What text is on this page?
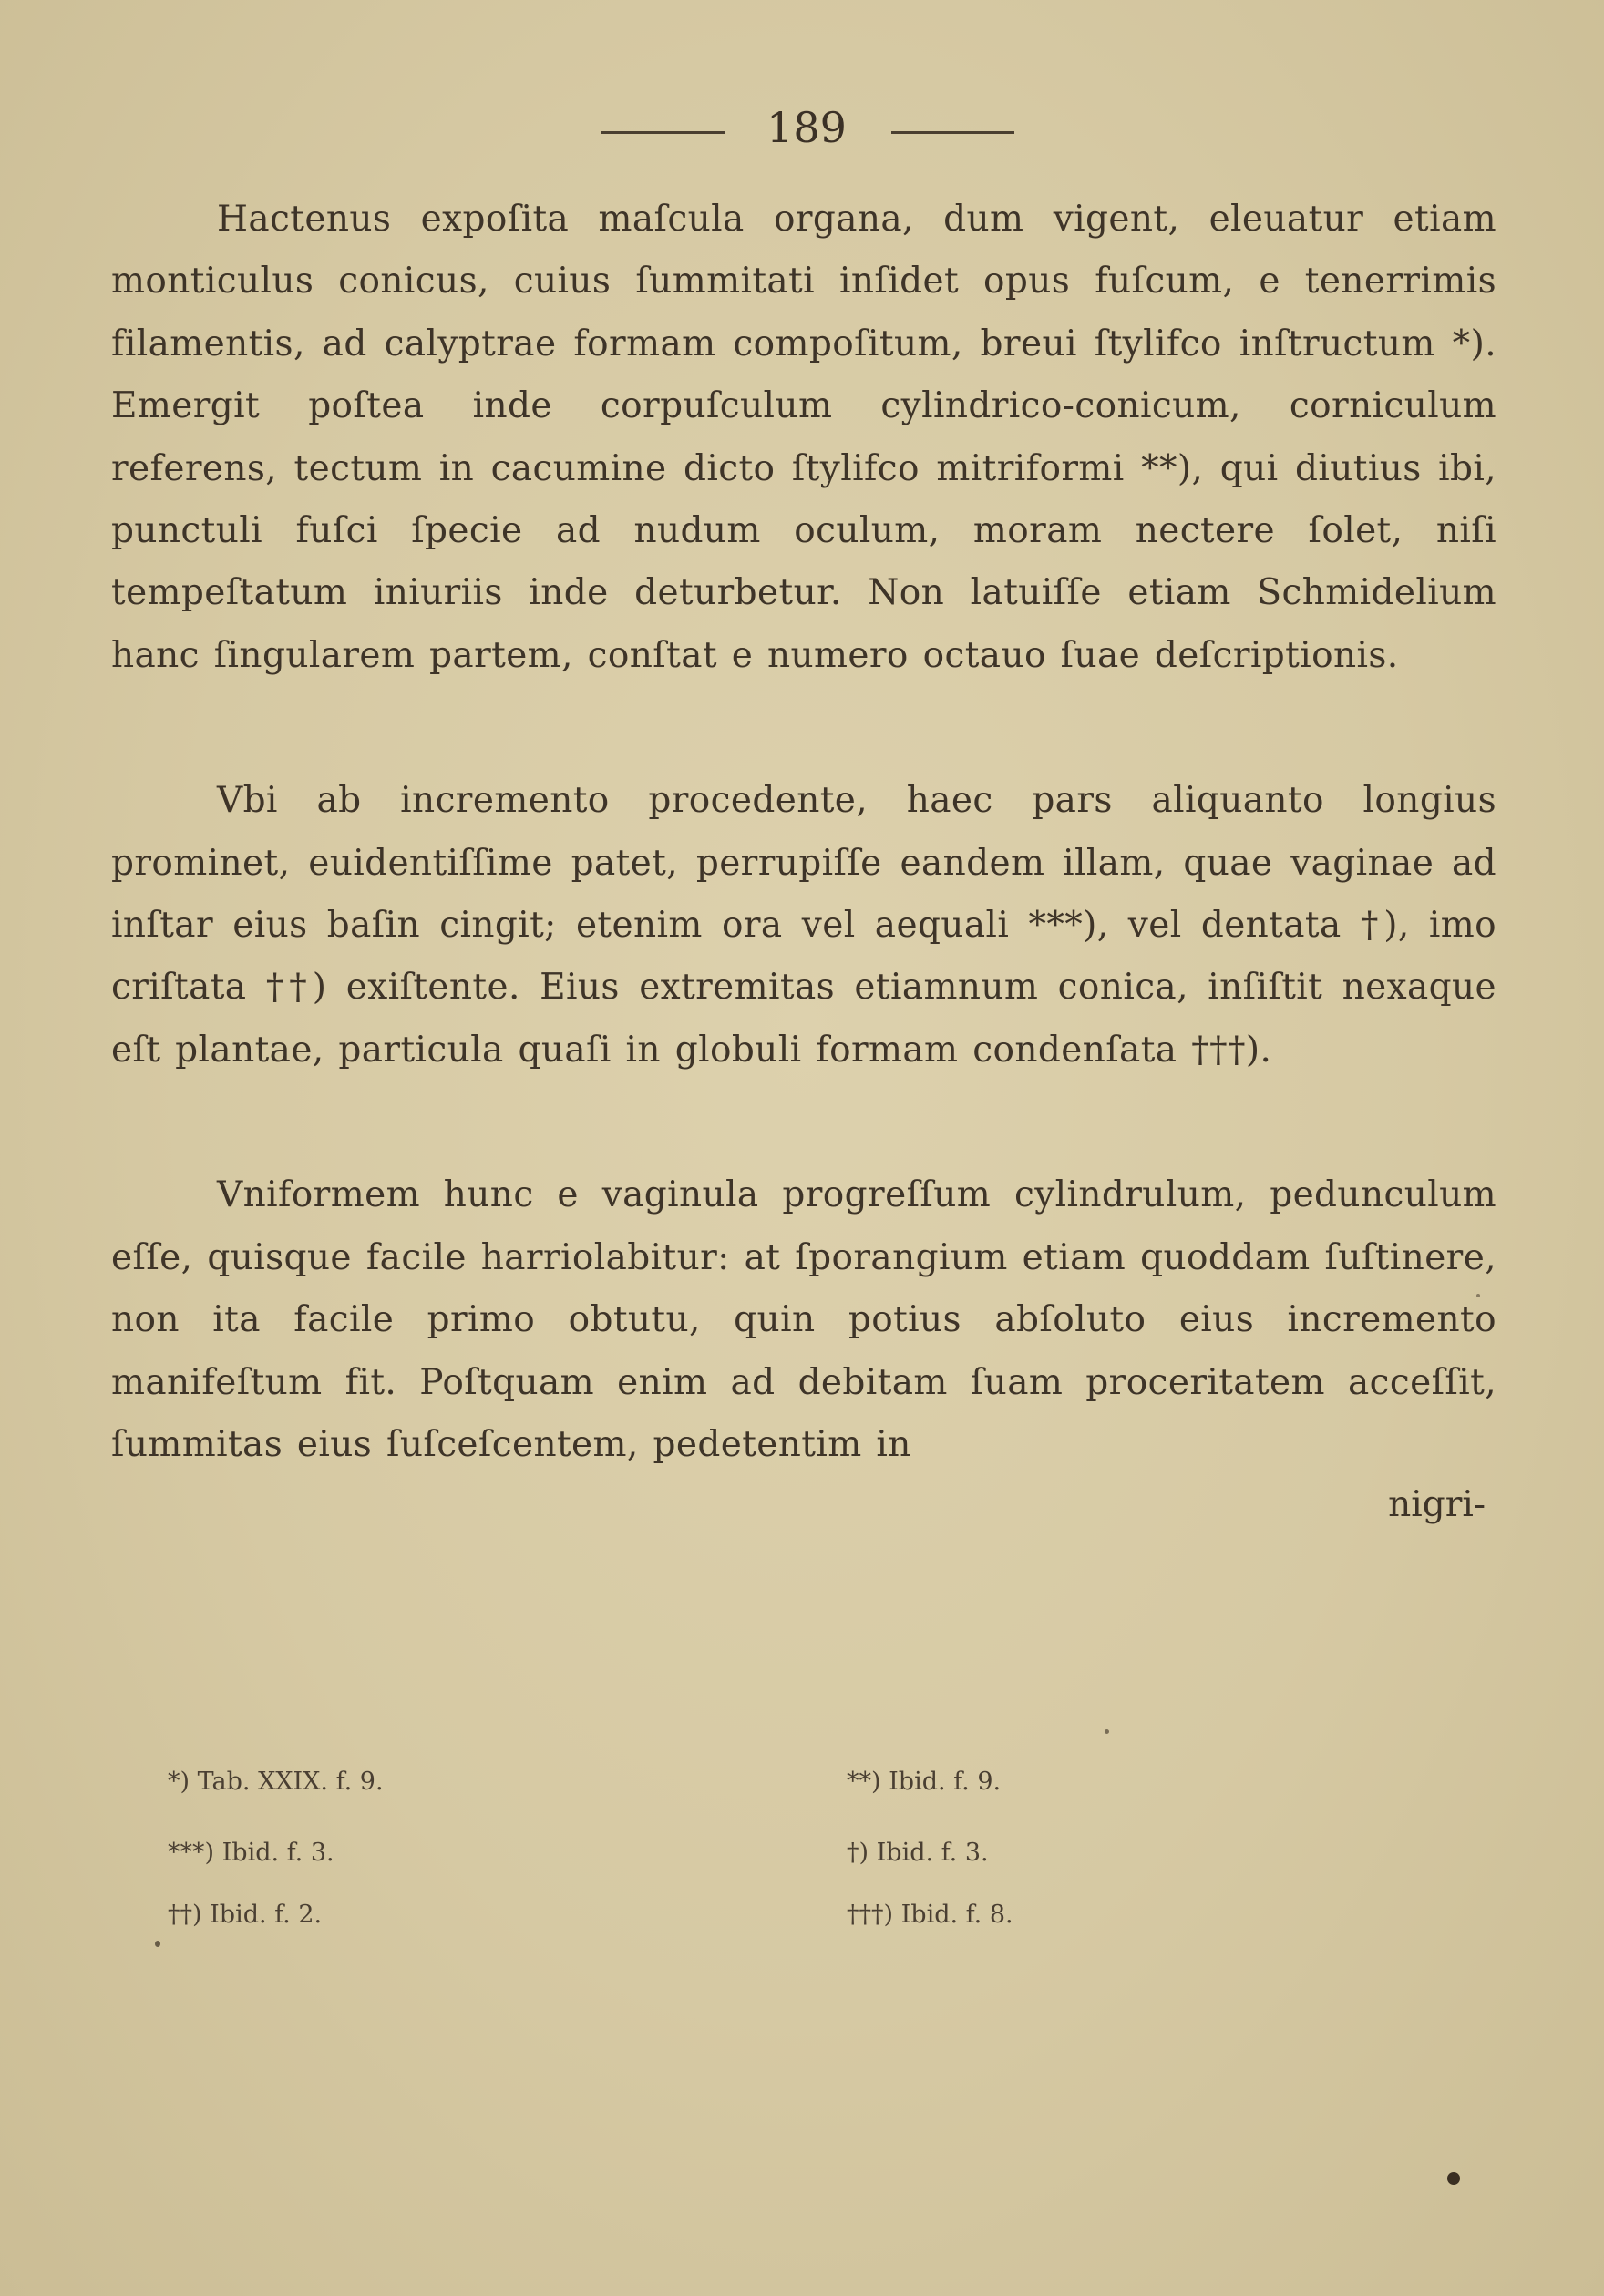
189

Hactenus expoſita maſcula organa, dum vigent, eleuatur etiam monticulus conicus, cuius ſummitati inſidet opus fuſcum, e tenerrimis filamentis, ad calyptrae formam compoſitum, breui ſtylifco inſtructum *). Emergit poſtea inde corpuſculum cylindrico-conicum, corniculum referens, tectum in cacumine dicto ſtylifco mitriformi **), qui diutius ibi, punctuli fuſci ſpecie ad nudum oculum, moram nectere ſolet, niſi tempeſtatum iniuriis inde deturbetur. Non latuiſſe etiam Schmidelium hanc ſingularem partem, conſtat e numero octauo ſuae deſcriptionis.

Vbi ab incremento procedente, haec pars aliquanto longius prominet, euidentiſſime patet, perrupiſſe eandem illam, quae vaginae ad inſtar eius baſin cingit; etenim ora vel aequali ***), vel dentata †), imo criſtata ††) exiſtente. Eius extremitas etiamnum conica, inſiſtit nexaque eſt plantae, particula quaſi in globuli formam condenſata †††).

Vniformem hunc e vaginula progreſſum cylindrulum, pedunculum eſſe, quisque facile harriolabitur: at ſporangium etiam quoddam ſuſtinere, non ita facile primo obtutu, quin potius abſoluto eius incremento manifeſtum fit. Poſtquam enim ad debitam ſuam proceritatem acceſſit, ſummitas eius ſuſceſcentem, pedetentim in

nigri-

*) Tab. XXIX. f. 9.	**) Ibid. f. 9.
***) Ibid. f. 3.	†) Ibid. f. 3.
††) Ibid. f. 2.	†††) Ibid. f. 8.
